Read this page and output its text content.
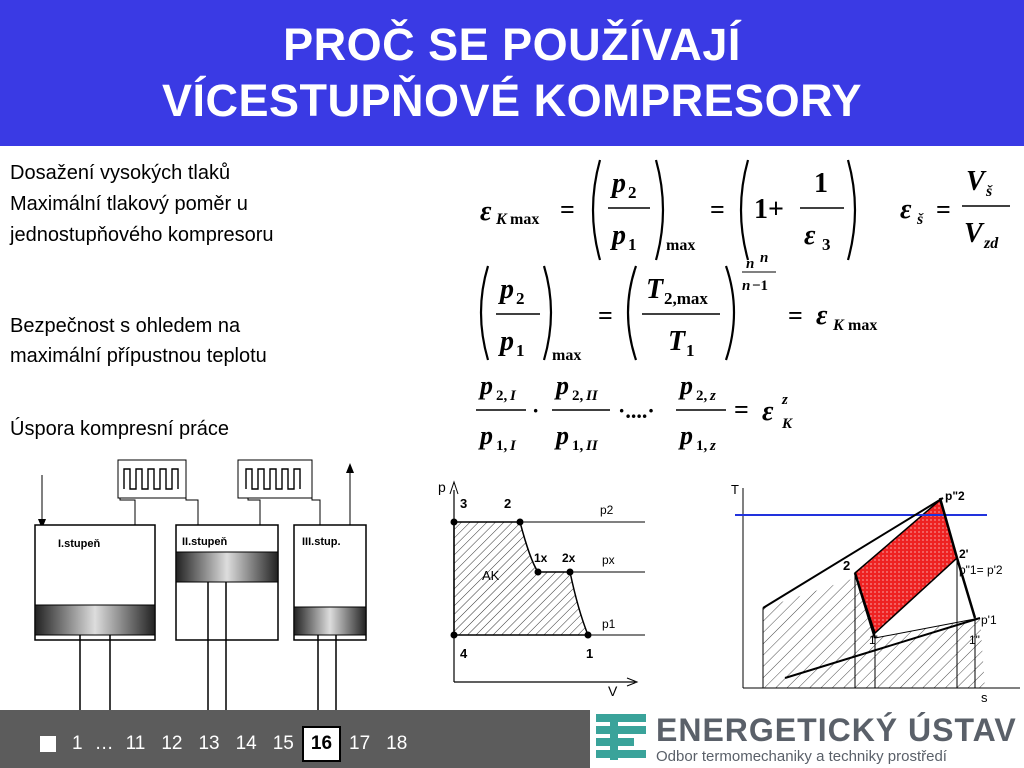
PROČ SE POUŽÍVAJÍ
VÍCESTUPŇOVÉ KOMPRESORY
Dosažení vysokých tlaků
Maximální tlakový poměr u
jednostupňového kompresoru
Bezpečnost s ohledem na
maximální přípustnou teplotu
Úspora kompresní práce
ε K max =
p 2
p 1 max
= 1+
1
ε 3
n
ε š =
V š
V zd
p 2
p 1 max
=
T 2,max
T 1
n
n −1
= ε K max
p 2, I
p 1, I
·
p 2, II
p 1, II
·....·
p 2, z
p 1, z
= ε z
K
I.stupeň	II.stupeň	III.stup.
p
V
3	2	p2
1x 2x px
AK
p1
4	1
T
s
p"2
2
2'
p"1= p'2
p'1
1'	1"
1 … 11 12 13 14 15 16 17 18	ENERGETICKÝ ÚSTAV
Odbor termomechaniky a techniky prostředí
